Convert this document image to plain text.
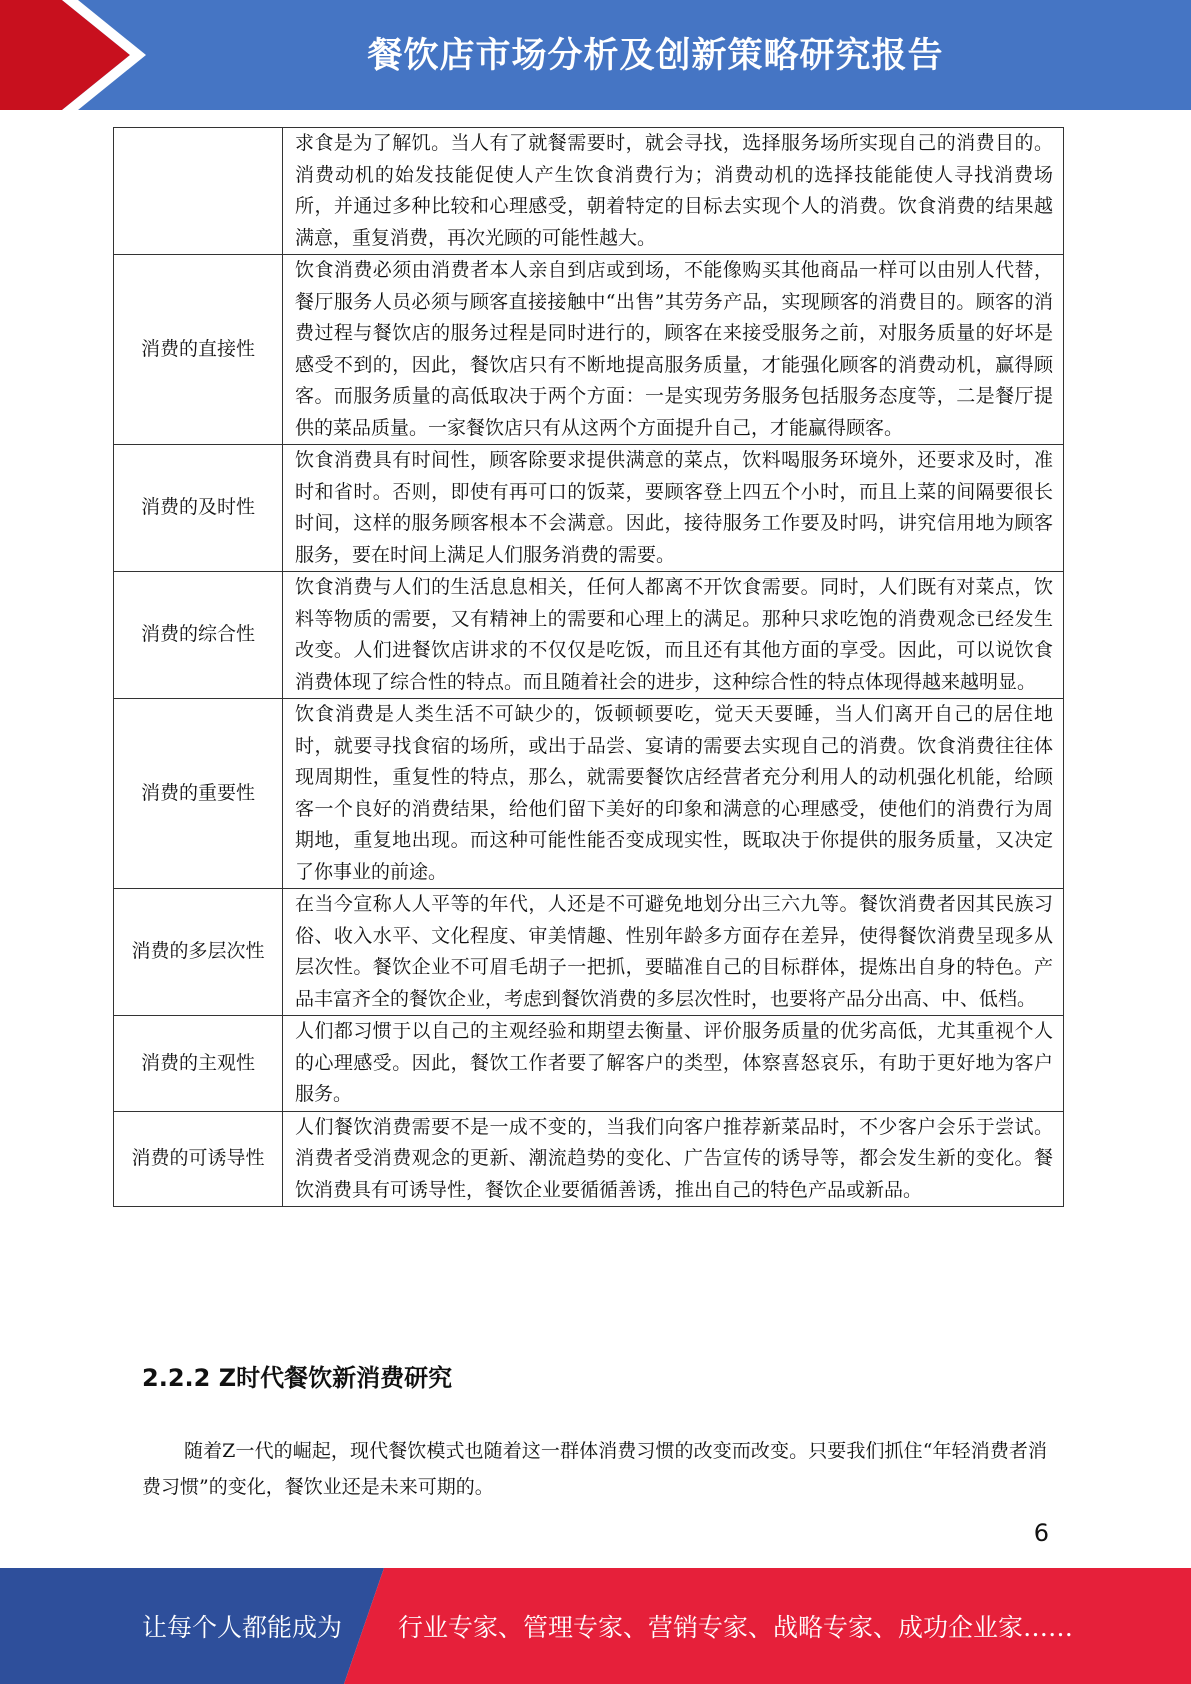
餐饮店市场分析及创新策略研究报告
	求食是为了解饥。当人有了就餐需要时，就会寻找，选择服务场所实现自己的消费目的。消费动机的始发技能促使人产生饮食消费行为；消费动机的选择技能能使人寻找消费场所，并通过多种比较和心理感受，朝着特定的目标去实现个人的消费。饮食消费的结果越满意，重复消费，再次光顾的可能性越大。
消费的直接性	饮食消费必须由消费者本人亲自到店或到场，不能像购买其他商品一样可以由别人代替，餐厅服务人员必须与顾客直接接触中“出售”其劳务产品，实现顾客的消费目的。顾客的消费过程与餐饮店的服务过程是同时进行的，顾客在来接受服务之前，对服务质量的好坏是感受不到的，因此，餐饮店只有不断地提高服务质量，才能强化顾客的消费动机，赢得顾客。而服务质量的高低取决于两个方面：一是实现劳务服务包括服务态度等，二是餐厅提供的菜品质量。一家餐饮店只有从这两个方面提升自己，才能赢得顾客。
消费的及时性	饮食消费具有时间性，顾客除要求提供满意的菜点，饮料喝服务环境外，还要求及时，准时和省时。否则，即使有再可口的饭菜，要顾客登上四五个小时，而且上菜的间隔要很长时间，这样的服务顾客根本不会满意。因此，接待服务工作要及时吗，讲究信用地为顾客服务，要在时间上满足人们服务消费的需要。
消费的综合性	饮食消费与人们的生活息息相关，任何人都离不开饮食需要。同时，人们既有对菜点，饮料等物质的需要，又有精神上的需要和心理上的满足。那种只求吃饱的消费观念已经发生改变。人们进餐饮店讲求的不仅仅是吃饭，而且还有其他方面的享受。因此，可以说饮食消费体现了综合性的特点。而且随着社会的进步，这种综合性的特点体现得越来越明显。
消费的重要性	饮食消费是人类生活不可缺少的，饭顿顿要吃，觉天天要睡，当人们离开自己的居住地时，就要寻找食宿的场所，或出于品尝、宴请的需要去实现自己的消费。饮食消费往往体现周期性，重复性的特点，那么，就需要餐饮店经营者充分利用人的动机强化机能，给顾客一个良好的消费结果，给他们留下美好的印象和满意的心理感受，使他们的消费行为周期地，重复地出现。而这种可能性能否变成现实性，既取决于你提供的服务质量，又决定了你事业的前途。
消费的多层次性	在当今宣称人人平等的年代，人还是不可避免地划分出三六九等。餐饮消费者因其民族习俗、收入水平、文化程度、审美情趣、性别年龄多方面存在差异，使得餐饮消费呈现多从层次性。餐饮企业不可眉毛胡子一把抓，要瞄准自己的目标群体，提炼出自身的特色。产品丰富齐全的餐饮企业，考虑到餐饮消费的多层次性时，也要将产品分出高、中、低档。
消费的主观性	人们都习惯于以自己的主观经验和期望去衡量、评价服务质量的优劣高低，尤其重视个人的心理感受。因此，餐饮工作者要了解客户的类型，体察喜怒哀乐，有助于更好地为客户服务。
消费的可诱导性	人们餐饮消费需要不是一成不变的，当我们向客户推荐新菜品时，不少客户会乐于尝试。消费者受消费观念的更新、潮流趋势的变化、广告宣传的诱导等，都会发生新的变化。餐饮消费具有可诱导性，餐饮企业要循循善诱，推出自己的特色产品或新品。
2.2.2 Z时代餐饮新消费研究
随着Z一代的崛起，现代餐饮模式也随着这一群体消费习惯的改变而改变。只要我们抓住“年轻消费者消费习惯”的变化，餐饮业还是未来可期的。
6
让每个人都能成为 行业专家、管理专家、营销专家、战略专家、成功企业家……
